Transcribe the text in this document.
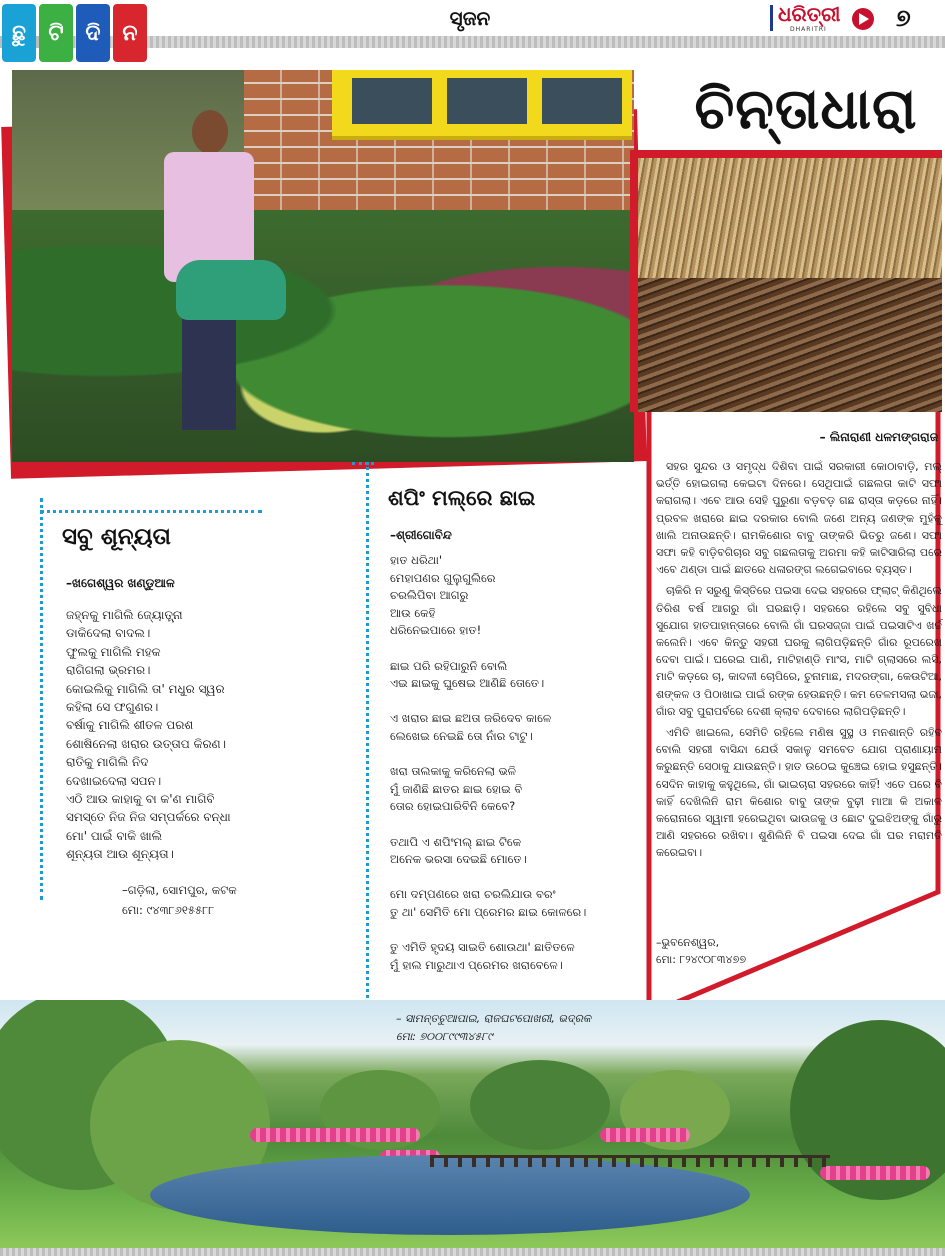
ଛୁ	ଟି ଦି ନ
ସୃଜନ	ଧରିତ୍ରୀ
DHARITRI	୭
ଚିନ୍ତାଧାରା
– ଲିନାରାଣୀ ଧଳମଙ୍ଗରାଜ

ସହର ସୁନ୍ଦର ଓ ସମୃଦ୍ଧ ଦିଶିବା ପାଇଁ ସରକାରୀ କୋଠାବାଡ଼ି, ମଲ୍ ଭର୍ତ୍ତି ହୋଇଗଲା କେଇଟା ଦିନରେ। ସେଥିପାଇଁ ଗଛଲତା କାଟି ସଫା କରାଗଲା। ଏବେ ଆଉ ସେହି ପୁରୁଣା ବଡ଼ବଡ଼ ଗଛ ରାସ୍ତା କଡ଼ରେ ନାହିଁ। ପ୍ରବଳ ଖରାରେ ଛାଇ ଦରକାର ବୋଲି ଜଣେ ଅନ୍ୟ ଜଣଙ୍କ ମୁହଁକୁ ଖାଲି ଅନାଉଛନ୍ତି। ରାମକିଶୋର ବାବୁ ତାଙ୍କରି ଭିତରୁ ଜଣେ। ସଫା ସଫା କହି ବାଡ଼ିବଗିଚାର ସବୁ ଗଛଲତାକୁ ଅରମା କହି କାଟିସାରିଲା ପରେ ଏବେ ଥଣ୍ଡା ପାଇଁ ଛାତରେ ଧଳାରଙ୍ଗ ଲଗେଇବାରେ ବ୍ୟସ୍ତ।

ଚାକିରି ନ ସରୁଣୁ କିସ୍ତିରେ ପଇସା ଦେଇ ସହରରେ ଫ୍ଲାଟ୍ କିଣିଥିଲେ ତିରିଶ ବର୍ଷ ଆଗରୁ ଗାଁ ଘରଛାଡ଼ି। ସହରରେ ରହିଲେ ସବୁ ସୁବିଧା ସୁଯୋଗ ହାତପାହାନ୍ତାରେ ବୋଲି ଗାଁ ଘରସଜ୍ଜା ପାଇଁ ପଇସାଟିଏ ଖର୍ଚ୍ଚ କଲେନି। ଏବେ କିନ୍ତୁ ସହରୀ ଘରକୁ ଲାଗିପଡ଼ିଛନ୍ତି ଗାଁର ରୂପରେଖ ଦେବା ପାଇଁ। ଘରେଇ ପାଣି, ମାଟିହାଣ୍ଡି ମାଂସ, ମାଟି ଗ୍ଲାସରେ ଲସି, ମାଟି କଡ଼ରେ ଚା, କାଦଳୀ ଚୋପିରେ, ଚୁନାମାଛ, ମଦରଙ୍ଗା, କେଉଟିଆ, ଶଙ୍କଳ ଓ ପିଠାଖାଇ ପାଇଁ ରଙ୍କ ହେଉଛନ୍ତି। କମ ତେଳମସଲା ଭଜା, ଗାଁର ସବୁ ପୁରାପର୍ବରେ ଦେଶୀ କ୍ଲାବ ଦେବାରେ ଲାଗିପଡ଼ିଛନ୍ତି।

ଏମିତି ଖାଇଲେ, ସେମିତି ରହିଲେ ମଣିଷ ସୁସ୍ଥ ଓ ମନଶାନ୍ତି ରହିବ ବୋଲି ସହରୀ ବାସିନ୍ଦା ଯେଉଁ ସକାଳୁ ସମବେତ ଯୋଗ ପ୍ରାଣାୟାମ କରୁଛନ୍ତି ସେଠାକୁ ଯାଉଛନ୍ତି। ହାତ ଉଠେଇ କୁଞ୍ଚେଇ ହୋଇ ହସୁଛନ୍ତି। ସେଦିନ କାହାକୁ କହୁଥିଲେ, ଗାଁ ଭାଇଚାରା ସହରରେ କାହିଁ! ଏତେ ପରେ ବି କାହିଁ ଦେଖିଲିନି ରାମ କିଶୋର ବାବୁ ତାଙ୍କ ବୁଢ଼ୀ ମାଆ କି ଅକାଳ କରୋନାରେ ସ୍ୱାମୀ ହରେଇଥିବା ଭାଉଜକୁ ଓ ଛୋଟ ଦୁଇଝିଅଙ୍କୁ ଗାଁରୁ ଆଣି ସହରରେ ରଖିବା। ଶୁଣିଲିନି ବି ପଇସା ଦେଇ ଗାଁ ଘର ମରାମତି କରେଇବା।

–ଭୁବନେଶ୍ୱର,
ମୋ: ୮୨୪୯୦୮୩୪୭୭
ସବୁ ଶୂନ୍ୟତା
–ଖଗେଶ୍ୱର ଖଣ୍ଡୁଆଳ
ଜହ୍ନକୁ ମାଗିଲି ଜ୍ୟୋତ୍ସ୍ନା
ଡାକିଦେଲା ବାଦଲ।
ଫୁଲକୁ ମାଗିଲି ମହକ
ରାଗିଗଲା ଭ୍ରମର।
କୋଇଲିକୁ ମାଗିଲି ତା' ମଧୁର ସ୍ୱର
କହିଲା ସେ ଫଗୁଣର।
ବର୍ଷାକୁ ମାଗିଲି ଶୀତଳ ପରଶ
ଶୋଷିନେଲା ଖରାର ଉତ୍ତାପ କିରଣ।
ରାତିକୁ ମାଗିଲି ନିଦ
ଦେଖାଇଦେଲା ସପନ।
ଏଠି ଆଉ କାହାକୁ ବା କ'ଣ ମାଗିବି
ସମସ୍ତେ ନିଜ ନିଜ ସମ୍ପର୍କରେ ବନ୍ଧା
ମୋ' ପାଇଁ ବାକି ଖାଲି
ଶୂନ୍ୟତା ଆଉ ଶୂନ୍ୟତା।
–ଗଡ଼ିଲା, ସୋମପୁର, କଟକ
ମୋ: ୯୪୩୮୬୧୫୫୮୮
ଶପିଂ ମଲ୍‌ରେ ଛାଇ
–ଶ୍ରୀଗୋବିନ୍ଦ
ହାତ ଧରିଥା'
ମେହାପଣର ଗୁଲୁଗୁଲିରେ
ଚରଲିପିବା ଆଗରୁ
ଆଉ କେହି
ଧରିନେଇପାରେ ହାତ!
ଛାଇ ପରି ରହିପାରୁନି ବୋଲି
ଏଇ ଛାଇକୁ ଘୁଷେଇ ଆଣିଛି ତୋତେ।
ଏ ଖରାର ଛାଇ ଛଅତା ଜରିଦେବ କାଳେ
ଲେଖେଇ ନେଇଛି ତୋ ନାଁର ଟାଟୁ।
ଖରା ତାଲକାକୁ କରିନେଲା ଭଳି
ମୁଁ ଜାଣିଛି ଛାତର ଛାଇ ହୋଇ ବି
ତୋର ହୋଇପାରିବିନି କେବେ?
ତଥାପି ଏ ଶପିଂମଲ୍ ଛାଇ ଟିକେ
ଅନେକ ଭରସା ଦେଇଛି ମୋତେ।
ମୋ ଦମ୍ପଣରେ ଖରା ଚରଲିଯାଉ ବରଂ
ତୁ ଥା' ସେମିତି ମୋ ପ୍ରେମର ଛାଇ କୋଳରେ।
ତୁ ଏମିତି ହୃଦୟ ସାଇତି ଶୋଉଥା' ଛାତିତଳେ
ମୁଁ ହାଲ ମାରୁଥାଏ ପ୍ରେମର ଖରାବେଳେ।
– ସାମନ୍ତଚୁଆପାଇ, ରାଜଘଟପୋଖରୀ, ଭଦ୍ରକ
ମୋ: ୭୦୦୮୯୯୩୪୫୮୯
